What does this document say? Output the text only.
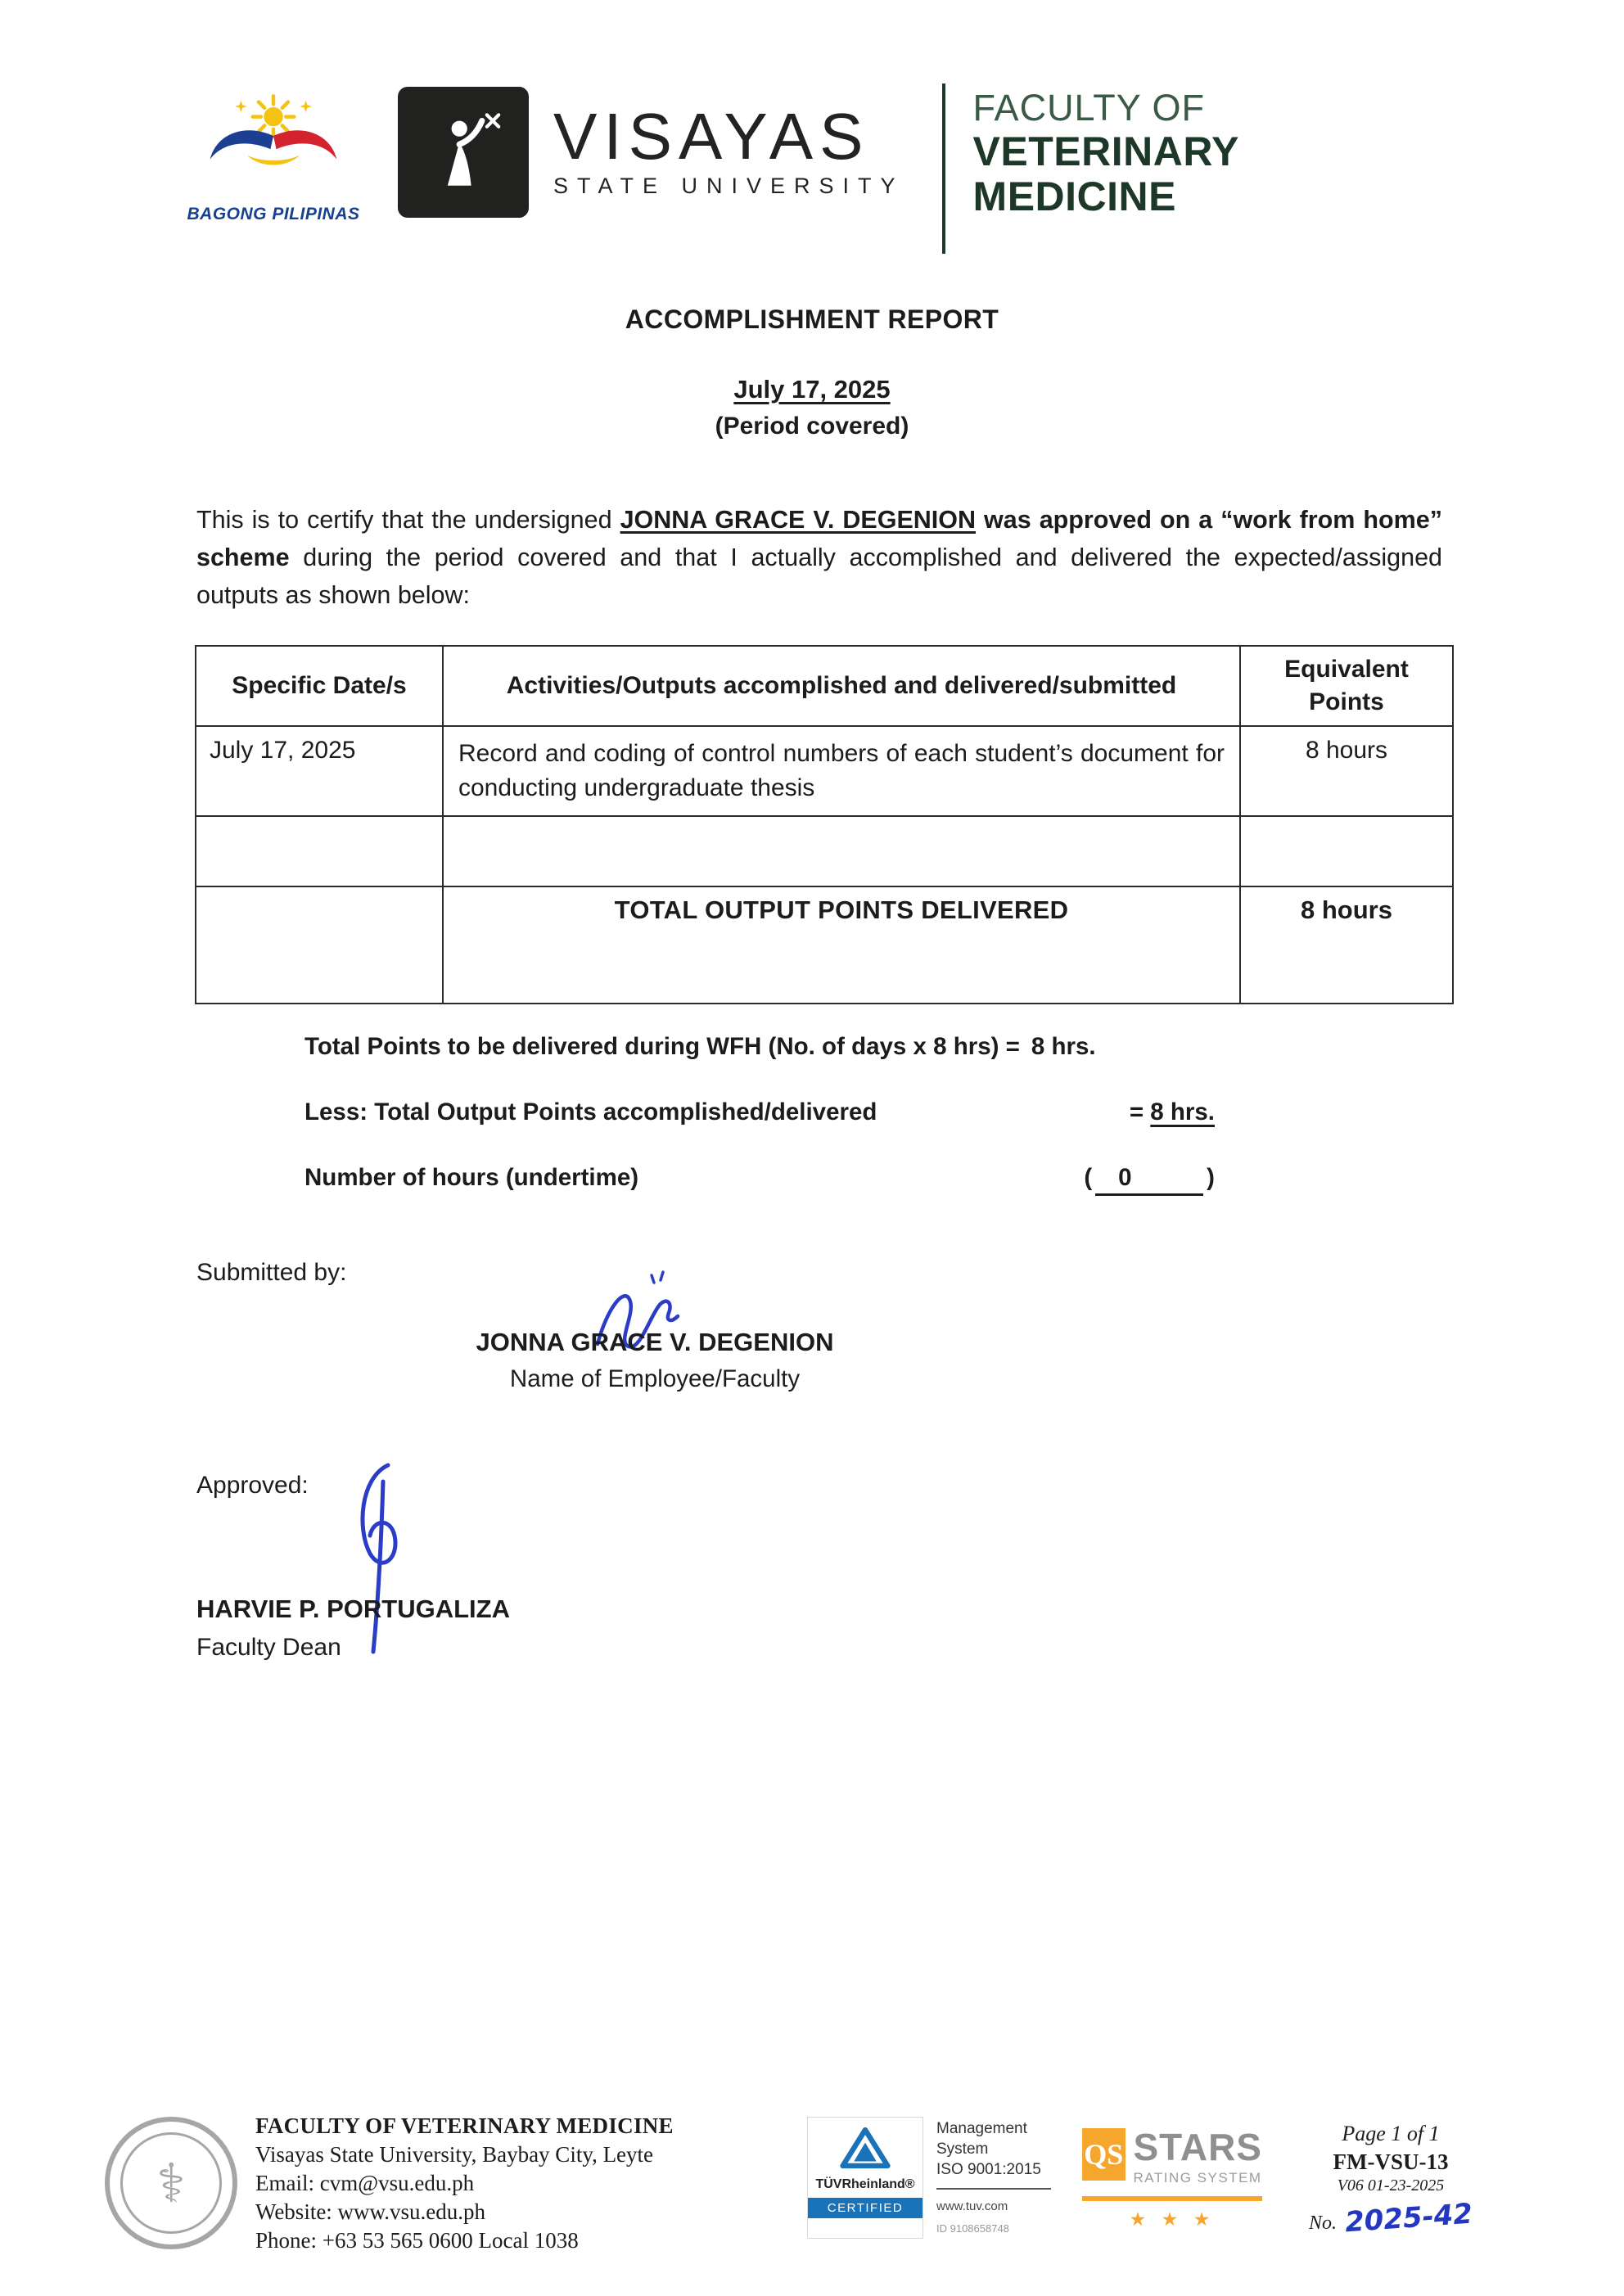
BAGONG PILIPINAS
VISAYAS
STATE UNIVERSITY
FACULTY OF
VETERINARY
MEDICINE
ACCOMPLISHMENT REPORT
July 17, 2025
(Period covered)

This is to certify that the undersigned JONNA GRACE V. DEGENION was approved on a “work from home” scheme during the period covered and that I actually accomplished and delivered the expected/assigned outputs as shown below:

Specific Date/s	Activities/Outputs accomplished and delivered/submitted	Equivalent Points
July 17, 2025	Record and coding of control numbers of each student’s document for conducting undergraduate thesis	8 hours

	TOTAL OUTPUT POINTS DELIVERED	8 hours
Total Points to be delivered during WFH (No. of days x 8 hrs) = 8 hrs.
Less: Total Output Points accomplished/delivered	= 8 hrs.
Number of hours (undertime)	( 0	)
Submitted by:
JONNA GRACE V. DEGENION
Name of Employee/Faculty
Approved:
HARVIE P. PORTUGALIZA
Faculty Dean
⚕
FACULTY OF VETERINARY MEDICINE
Visayas State University, Baybay City, Leyte
Email: cvm@vsu.edu.ph
Website: www.vsu.edu.ph
Phone: +63 53 565 0600 Local 1038
TÜVRheinland®
CERTIFIED
Management System
ISO 9001:2015
www.tuv.com
ID 9108658748
QS STARS
RATING SYSTEM
★ ★ ★
Page 1 of 1
FM-VSU-13
V06 01-23-2025
No. 2025-42
